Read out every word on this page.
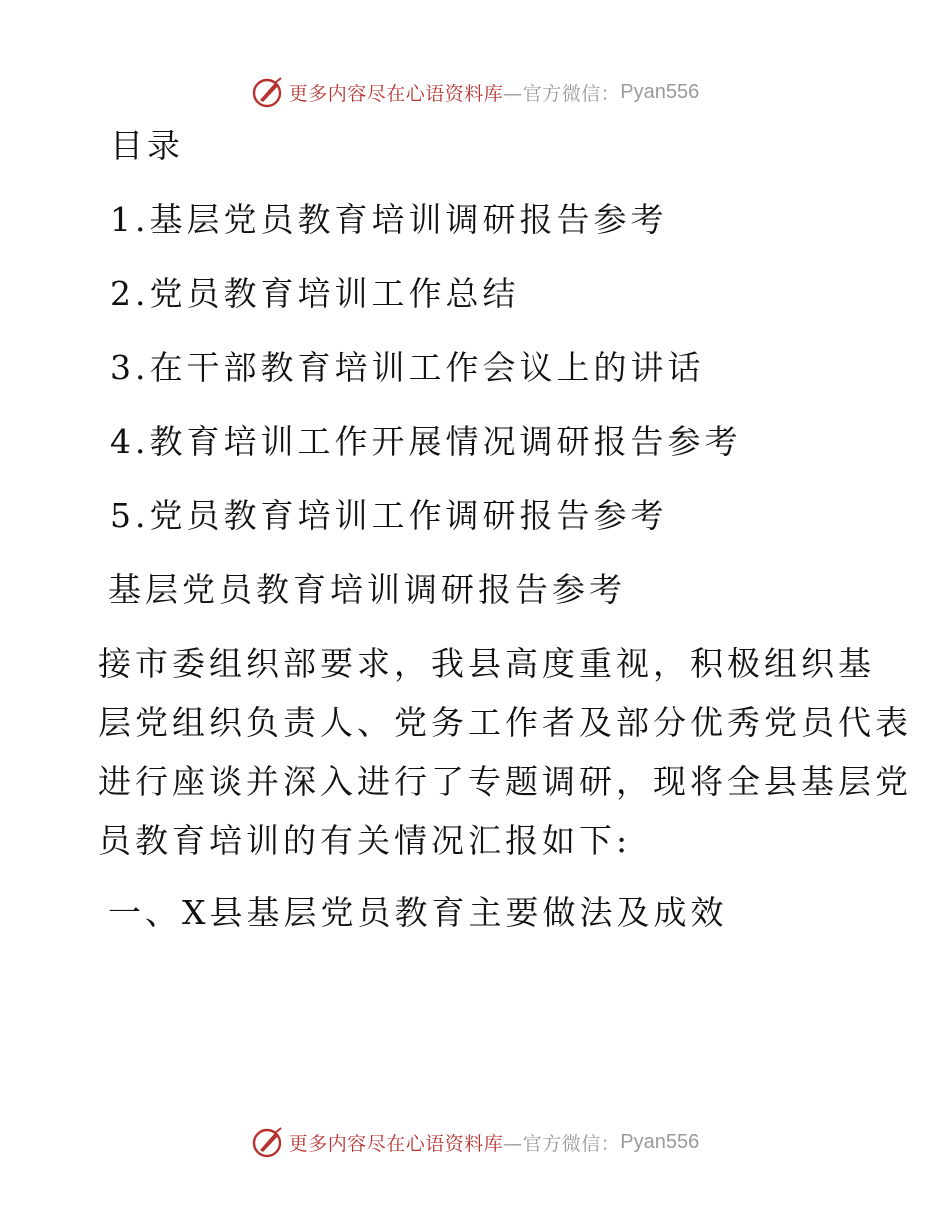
更多内容尽在心语资料库 —官方微信： Pyan556
目录
1.基层党员教育培训调研报告参考
2.党员教育培训工作总结
3.在干部教育培训工作会议上的讲话
4.教育培训工作开展情况调研报告参考
5.党员教育培训工作调研报告参考
基层党员教育培训调研报告参考
接市委组织部要求，我县高度重视，积极组织基
层党组织负责人、党务工作者及部分优秀党员代表
进行座谈并深入进行了专题调研，现将全县基层党
员教育培训的有关情况汇报如下:
一、X县基层党员教育主要做法及成效
更多内容尽在心语资料库 —官方微信： Pyan556
